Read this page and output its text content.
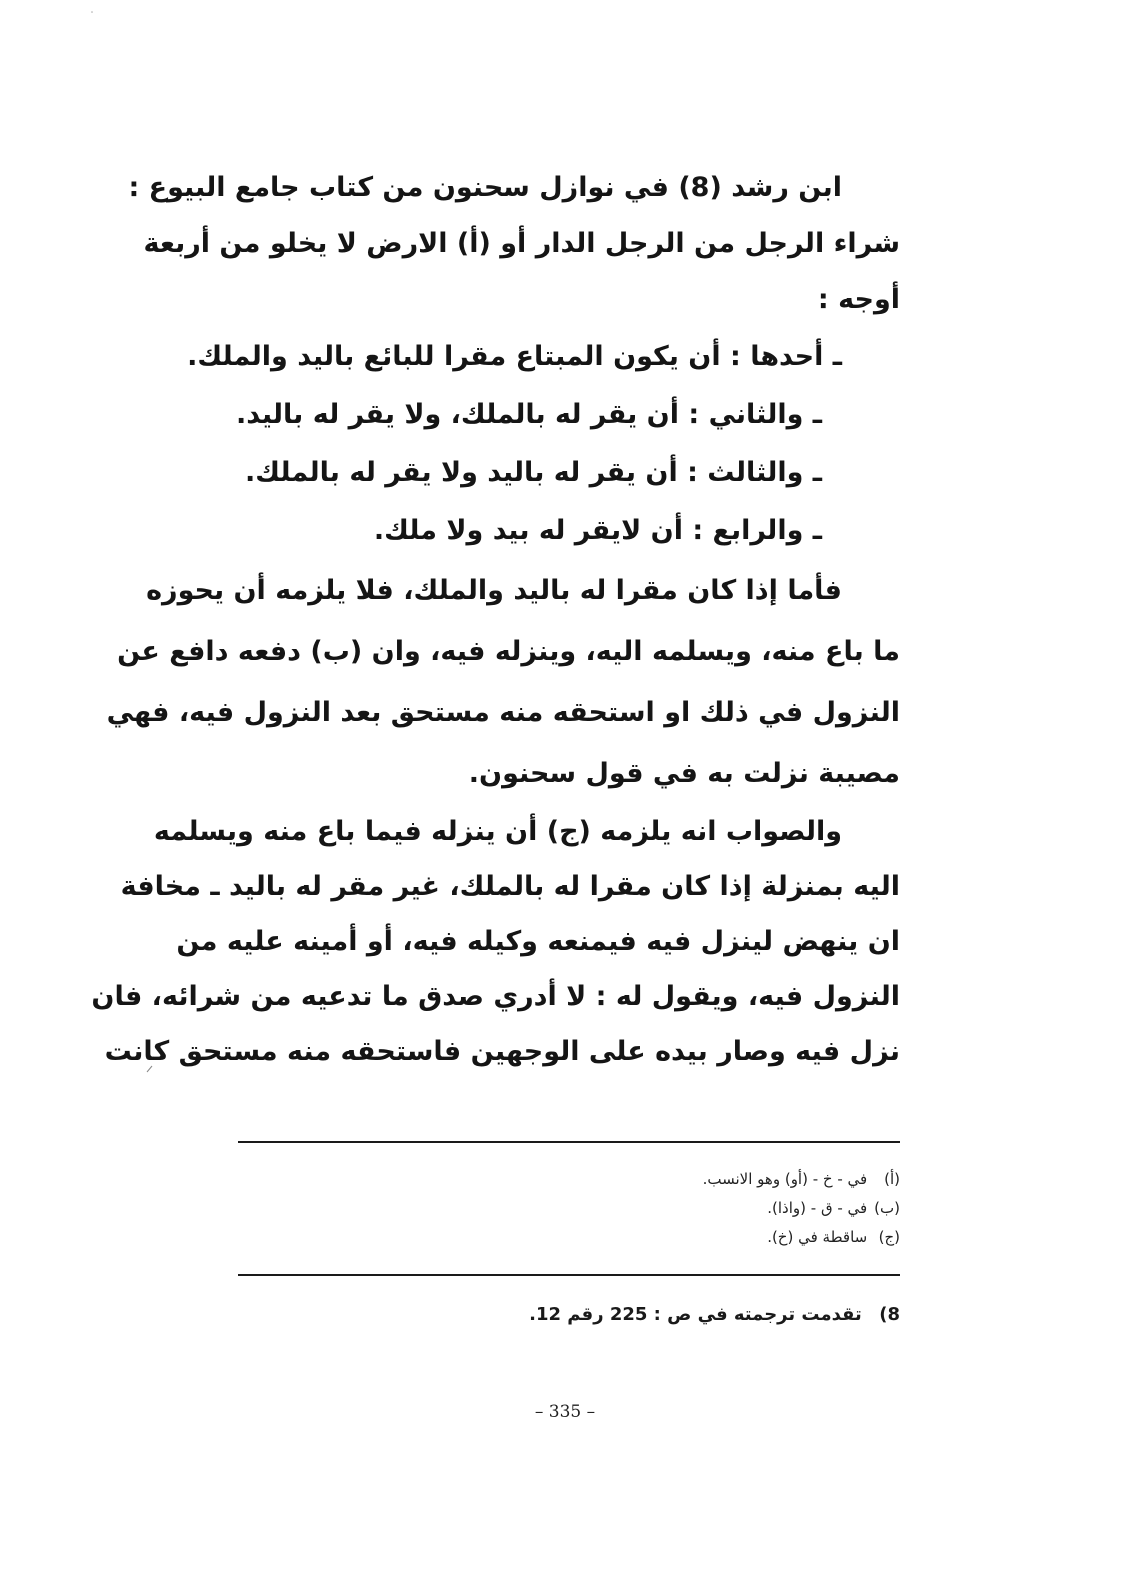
ابن رشد (8) في نوازل سحنون من كتاب جامع البيوع :
شراء الرجل من الرجل الدار أو (أ) الارض لا يخلو من أربعة
أوجه :
ـ أحدها : أن يكون المبتاع مقرا للبائع باليد والملك.
ـ والثاني : أن يقر له بالملك، ولا يقر له باليد.
ـ والثالث : أن يقر له باليد ولا يقر له بالملك.
ـ والرابع : أن لايقر له بيد ولا ملك.
فأما إذا كان مقرا له باليد والملك، فلا يلزمه أن يحوزه
ما باع منه، ويسلمه اليه، وينزله فيه، وان (ب) دفعه دافع عن
النزول في ذلك او استحقه منه مستحق بعد النزول فيه، فهي
مصيبة نزلت به في قول سحنون.
والصواب انه يلزمه (ج) أن ينزله فيما باع منه ويسلمه
اليه بمنزلة إذا كان مقرا له بالملك، غير مقر له باليد ـ مخافة
ان ينهض لينزل فيه فيمنعه وكيله فيه، أو أمينه عليه من
النزول فيه، ويقول له : لا أدري صدق ما تدعيه من شرائه، فان
نزل فيه وصار بيده على الوجهين فاستحقه منه مستحق كانت
(أ) في - خ - (أو) وهو الانسب.
(ب) في - ق - (واذا).
(ج) ساقطة في (خ).
8) تقدمت ترجمته في ص : 225 رقم 12.
– 335 –
